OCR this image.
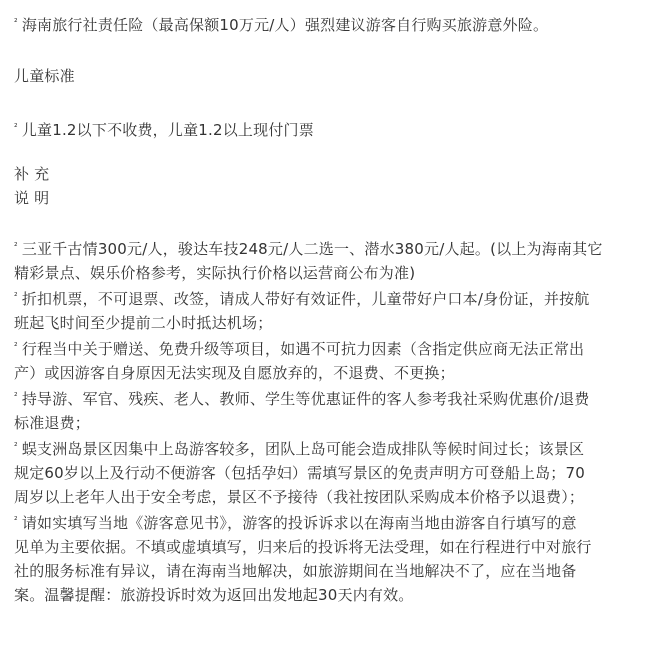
$^{^2}$ 海南旅行社责任险（最高保额10万元/人）强烈建议游客自行购买旅游意外险。
儿童标准
$^{^2}$ 儿童1.2以下不收费，儿童1.2以上现付门票
补 充
说 明
$^{^2}$ 三亚千古情300元/人，骏达车技248元/人二选一、潜水380元/人起。(以上为海南其它
精彩景点、娱乐价格参考，实际执行价格以运营商公布为准)
$^{^2}$ 折扣机票，不可退票、改签，请成人带好有效证件，儿童带好户口本/身份证，并按航
班起飞时间至少提前二小时抵达机场；
$^{^2}$ 行程当中关于赠送、免费升级等项目，如遇不可抗力因素（含指定供应商无法正常出
产）或因游客自身原因无法实现及自愿放弃的，不退费、不更换；
$^{^2}$ 持导游、军官、残疾、老人、教师、学生等优惠证件的客人参考我社采购优惠价/退费
标准退费；
$^{^2}$ 蜈支洲岛景区因集中上岛游客较多，团队上岛可能会造成排队等候时间过长；该景区
规定60岁以上及行动不便游客（包括孕妇）需填写景区的免责声明方可登船上岛；70
周岁以上老年人出于安全考虑，景区不予接待（我社按团队采购成本价格予以退费）；
$^{^2}$ 请如实填写当地《游客意见书》，游客的投诉诉求以在海南当地由游客自行填写的意
见单为主要依据。不填或虚填填写，归来后的投诉将无法受理，如在行程进行中对旅行
社的服务标准有异议，请在海南当地解决，如旅游期间在当地解决不了，应在当地备
案。温馨提醒：旅游投诉时效为返回出发地起30天内有效。
